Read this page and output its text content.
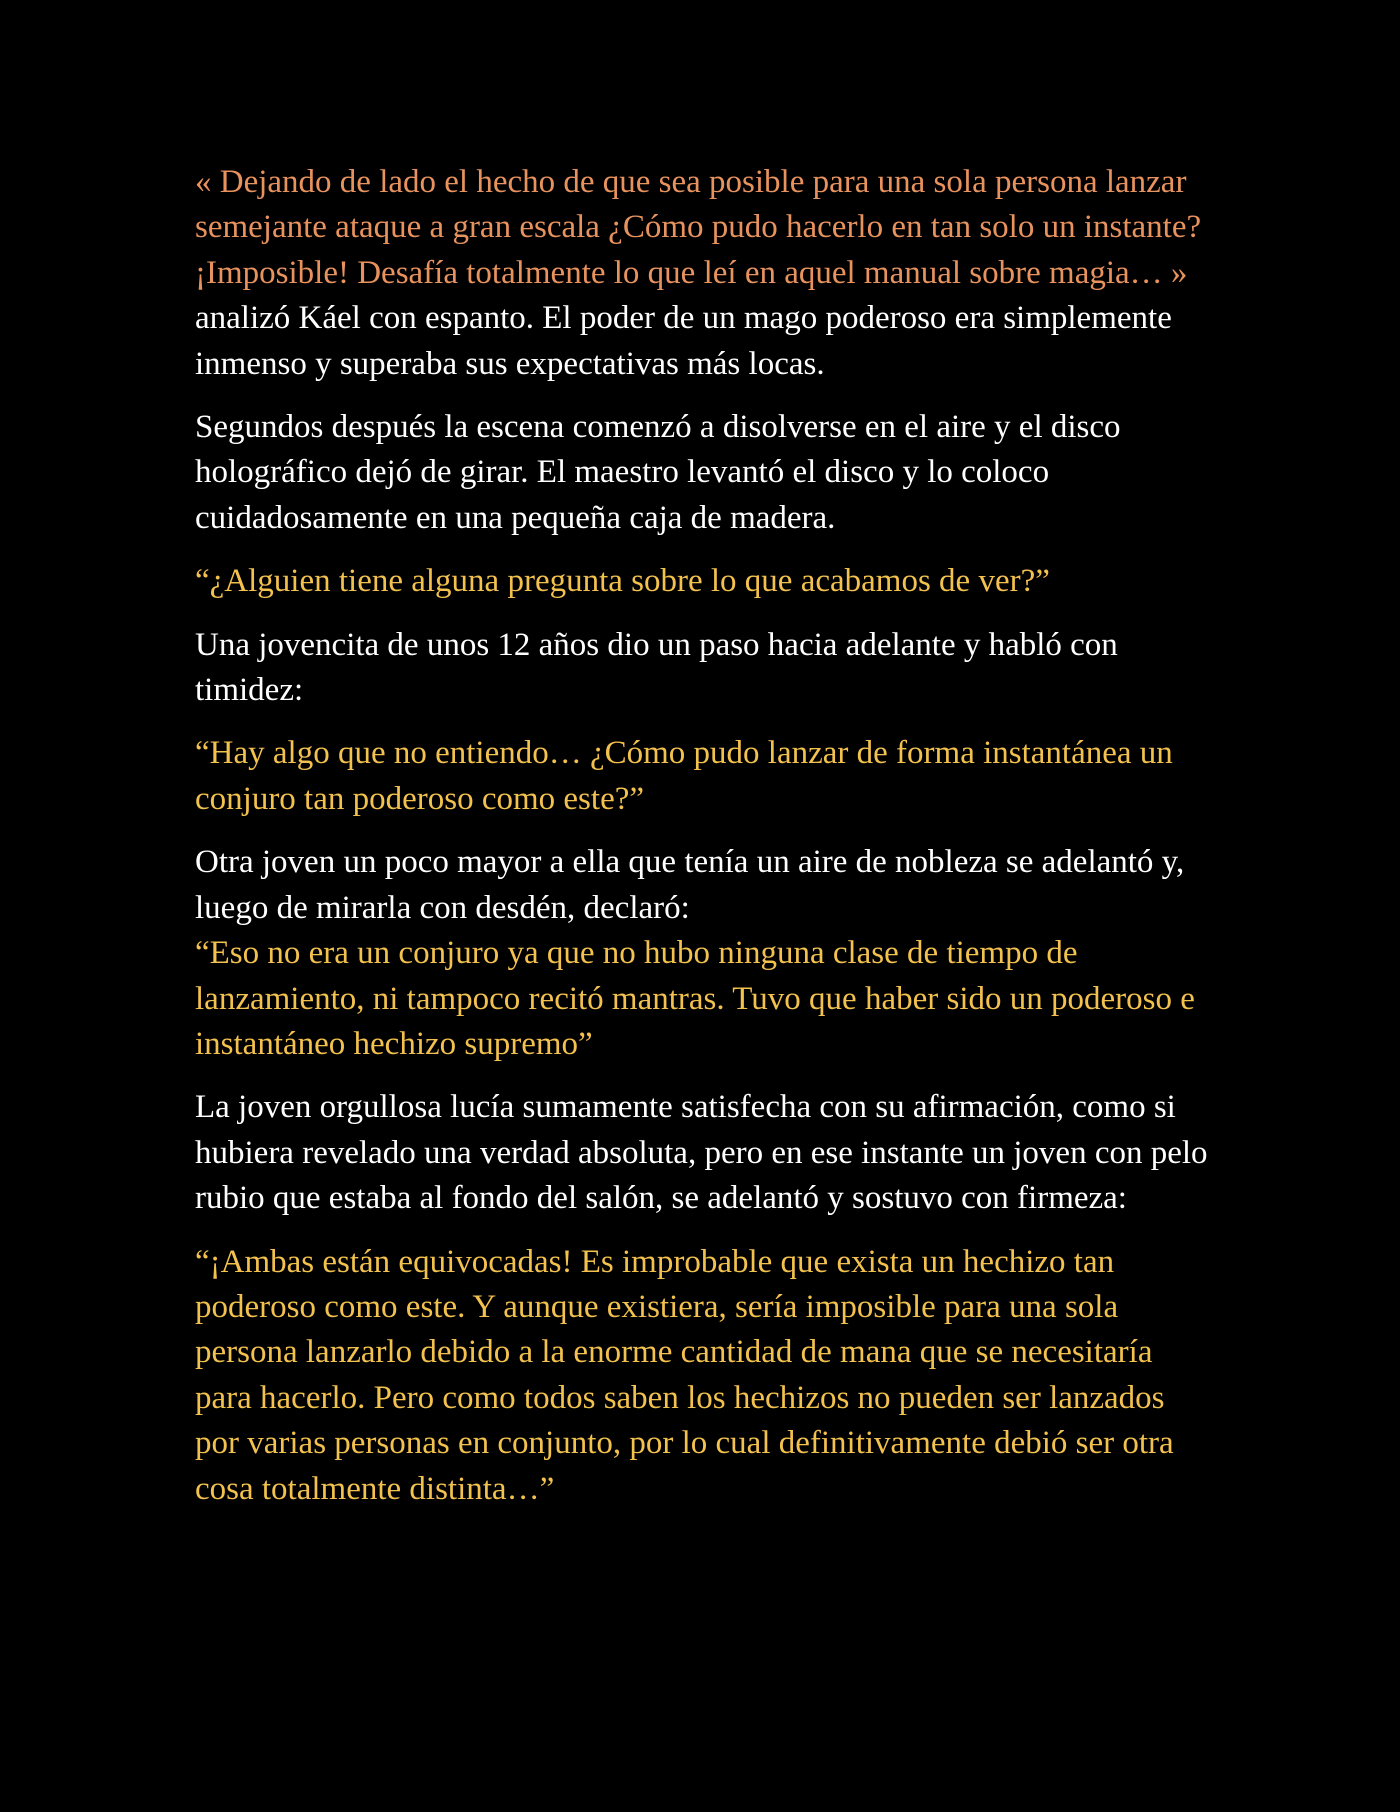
« Dejando de lado el hecho de que sea posible para una sola persona lanzar semejante ataque a gran escala ¿Cómo pudo hacerlo en tan solo un instante? ¡Imposible! Desafía totalmente lo que leí en aquel manual sobre magia… » analizó Káel con espanto. El poder de un mago poderoso era simplemente inmenso y superaba sus expectativas más locas.

Segundos después la escena comenzó a disolverse en el aire y el disco holográfico dejó de girar. El maestro levantó el disco y lo coloco cuidadosamente en una pequeña caja de madera.

“¿Alguien tiene alguna pregunta sobre lo que acabamos de ver?”

Una jovencita de unos 12 años dio un paso hacia adelante y habló con timidez:

“Hay algo que no entiendo… ¿Cómo pudo lanzar de forma instantánea un conjuro tan poderoso como este?”

Otra joven un poco mayor a ella que tenía un aire de nobleza se adelantó y, luego de mirarla con desdén, declaró:

“Eso no era un conjuro ya que no hubo ninguna clase de tiempo de lanzamiento, ni tampoco recitó mantras. Tuvo que haber sido un poderoso e instantáneo hechizo supremo”

La joven orgullosa lucía sumamente satisfecha con su afirmación, como si hubiera revelado una verdad absoluta, pero en ese instante un joven con pelo rubio que estaba al fondo del salón, se adelantó y sostuvo con firmeza:

“¡Ambas están equivocadas! Es improbable que exista un hechizo tan poderoso como este. Y aunque existiera, sería imposible para una sola persona lanzarlo debido a la enorme cantidad de mana que se necesitaría para hacerlo. Pero como todos saben los hechizos no pueden ser lanzados por varias personas en conjunto, por lo cual definitivamente debió ser otra cosa totalmente distinta…”
